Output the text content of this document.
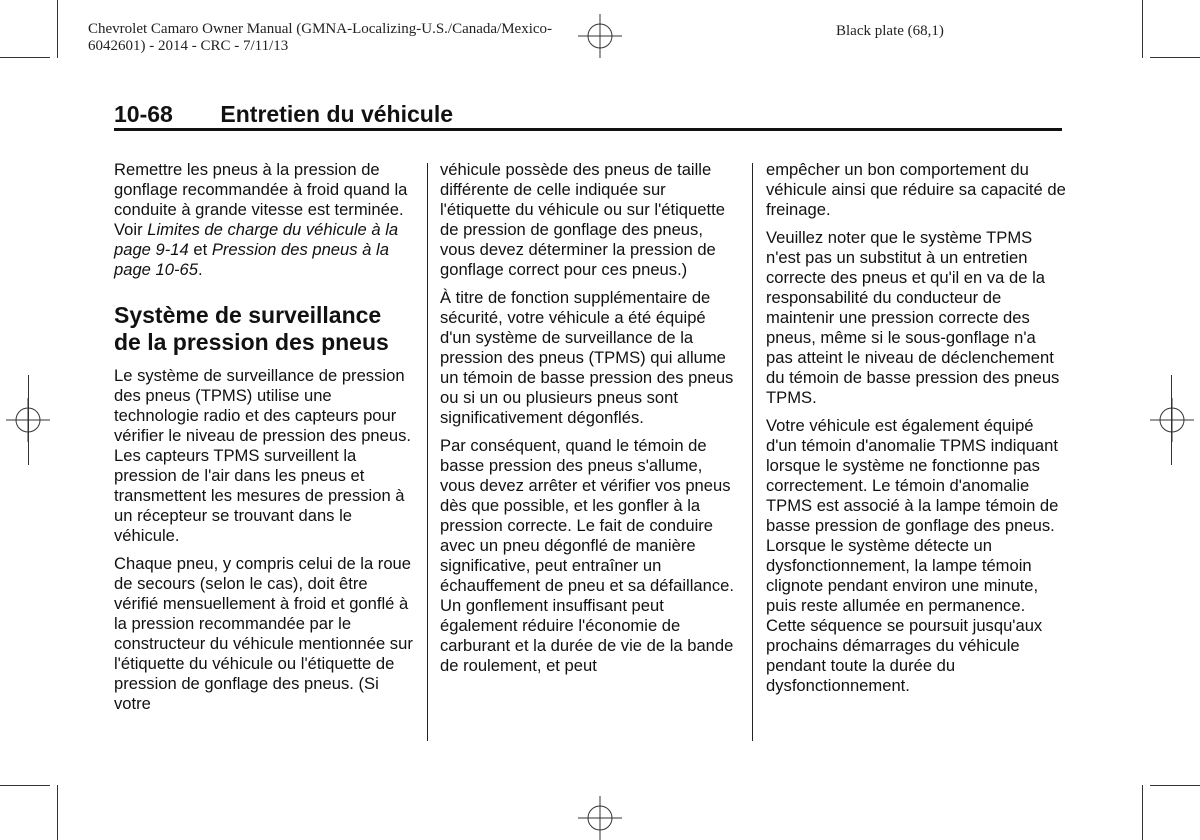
Chevrolet Camaro Owner Manual (GMNA-Localizing-U.S./Canada/Mexico-
6042601) - 2014 - CRC - 7/11/13
Black plate (68,1)
10-68 Entretien du véhicule

Remettre les pneus à la pression de gonflage recommandée à froid quand la conduite à grande vitesse est terminée. Voir Limites de charge du véhicule à la page 9-14 et Pression des pneus à la page 10-65.

Système de surveillance de la pression des pneus

Le système de surveillance de pression des pneus (TPMS) utilise une technologie radio et des capteurs pour vérifier le niveau de pression des pneus. Les capteurs TPMS surveillent la pression de l'air dans les pneus et transmettent les mesures de pression à un récepteur se trouvant dans le véhicule.

Chaque pneu, y compris celui de la roue de secours (selon le cas), doit être vérifié mensuellement à froid et gonflé à la pression recommandée par le constructeur du véhicule mentionnée sur l'étiquette du véhicule ou l'étiquette de pression de gonflage des pneus. (Si votre

véhicule possède des pneus de taille différente de celle indiquée sur l'étiquette du véhicule ou sur l'étiquette de pression de gonflage des pneus, vous devez déterminer la pression de gonflage correct pour ces pneus.)

À titre de fonction supplémentaire de sécurité, votre véhicule a été équipé d'un système de surveillance de la pression des pneus (TPMS) qui allume un témoin de basse pression des pneus ou si un ou plusieurs pneus sont significativement dégonflés.

Par conséquent, quand le témoin de basse pression des pneus s'allume, vous devez arrêter et vérifier vos pneus dès que possible, et les gonfler à la pression correcte. Le fait de conduire avec un pneu dégonflé de manière significative, peut entraîner un échauffement de pneu et sa défaillance.

Un gonflement insuffisant peut également réduire l'économie de carburant et la durée de vie de la bande de roulement, et peut

empêcher un bon comportement du véhicule ainsi que réduire sa capacité de freinage.

Veuillez noter que le système TPMS n'est pas un substitut à un entretien correcte des pneus et qu'il en va de la responsabilité du conducteur de maintenir une pression correcte des pneus, même si le sous-gonflage n'a pas atteint le niveau de déclenchement du témoin de basse pression des pneus TPMS.

Votre véhicule est également équipé d'un témoin d'anomalie TPMS indiquant lorsque le système ne fonctionne pas correctement. Le témoin d'anomalie TPMS est associé à la lampe témoin de basse pression de gonflage des pneus. Lorsque le système détecte un dysfonctionnement, la lampe témoin clignote pendant environ une minute, puis reste allumée en permanence. Cette séquence se poursuit jusqu'aux prochains démarrages du véhicule pendant toute la durée du dysfonctionnement.
